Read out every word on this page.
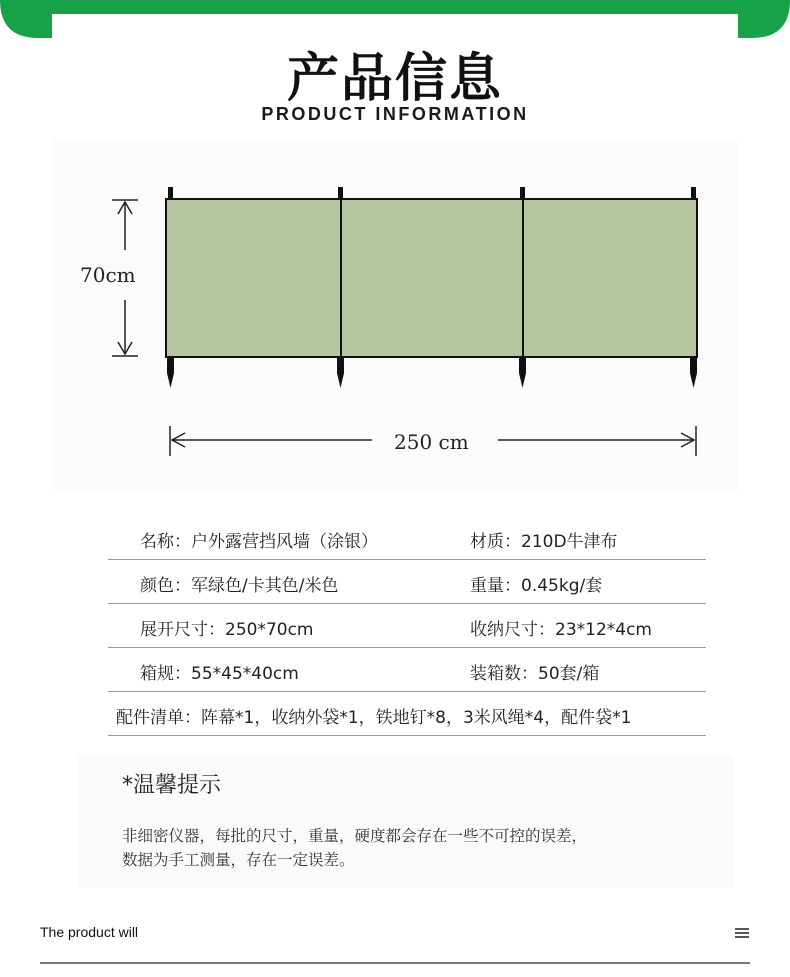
产品信息
PRODUCT INFORMATION
70cm
250 cm
名称：户外露营挡风墙（涂银）	材质：210D牛津布
颜色：军绿色/卡其色/米色	重量：0.45kg/套
展开尺寸：250*70cm	收纳尺寸：23*12*4cm
箱规：55*45*40cm	装箱数：50套/箱
配件清单：阵幕*1，收纳外袋*1，铁地钉*8，3米风绳*4，配件袋*1
*温馨提示
非细密仪器，每批的尺寸，重量，硬度都会存在一些不可控的误差，
数据为手工测量，存在一定误差。
The product will
